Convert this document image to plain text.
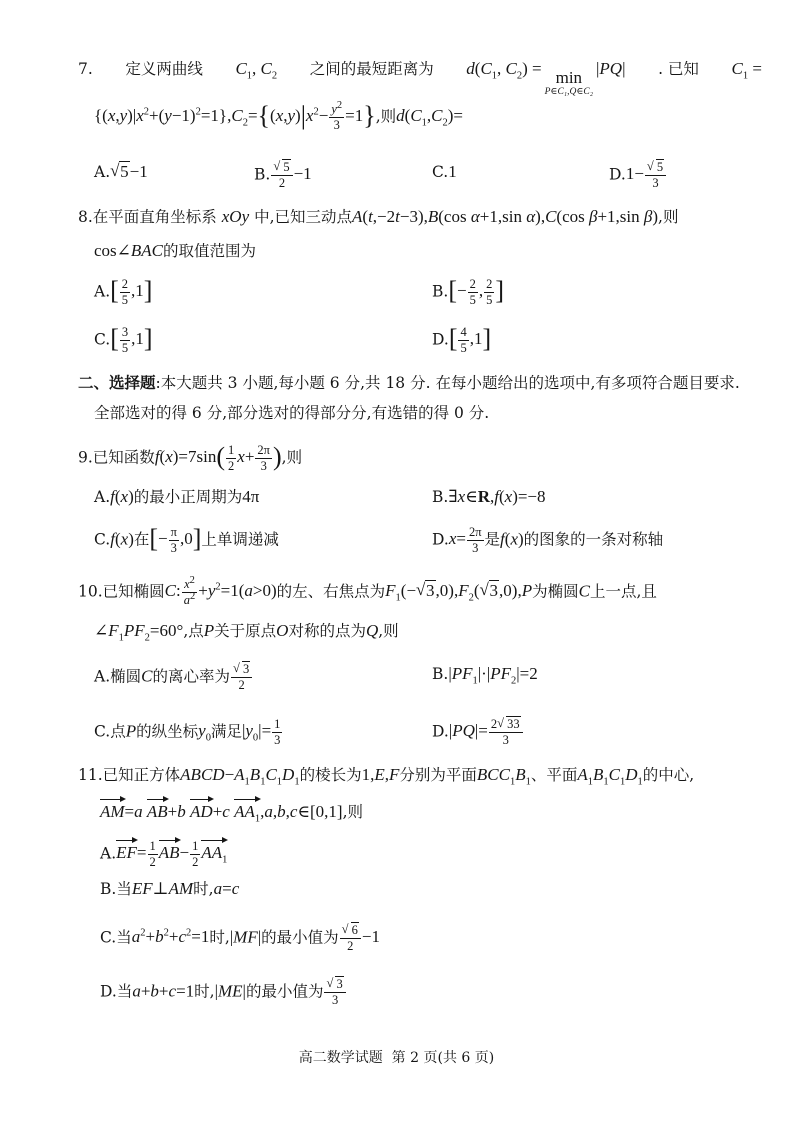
7. 定义两曲线 $C_1$, $C_2$ 之间的最短距离为 $d(C_1$, $C_2) = \min$
P∈C₁,Q∈C₂
|PQ| . 已知 $C_1$ =
$\{(x,y)|x^2+(y-1)^2=1\},C_2=\{(x,y)|x^2- \frac{y^2}{3} =1\}$,则$d(C_1,C_2)=$
A.√ 5−1	B.
√ $\frac{5}{2} -1$	C.1	D.1−
√ $\frac{5}{3}$
8.在平面直角坐标系 xOy 中,已知三动点A(t,−2t−3),B(cos α+1,sin α),C(cos β+1,sin β),则
cos∠BAC的取值范围为
$A.[ \frac{2}{5} ,1]$	$B.[- \frac{2}{5}$ , $\frac{2}{5}$ ]
$C.[ \frac{3}{5} ,1]$	$D.[ \frac{4}{5} ,1]$
二、选择题:本大题共 3 小题,每小题 6 分,共 18 分. 在每小题给出的选项中,有多项符合题目要求.
全部选对的得 6 分,部分选对的得部分分,有选错的得 0 分.
9.已知函数$f(x)=7\sin( \frac{1}{2} x+ \frac{2\pi}{3}$ ),则
A.f(x)的最小正周期为4π	B.∃x∈R,f(x)=−8
C.f(x)在[− $\frac{\pi}{3} ,0$]上单调递减	$D.x= \frac{2\pi}{3}$ 是f(x)的图象的一条对称轴
10.已知椭圆C: $\frac{x^2}{a^2} +y^2=1(a>0)$的左、右焦点为$F_1(-√$ $3,0),F_2(√$ 3,0),P为椭圆C上一点,且
$\angle F_1PF_2=60^\circ$,点P关于原点O对称的点为Q,则
A.椭圆C的离心率为
√ $\frac{3}{2}$	$B.|PF_1|\cdot|PF_2|=2$
C.点P的纵坐标$y_0$满足$|y_0|= \frac{1}{3}$	$D.|PQ|= \frac{2√ 33}{3}$
11.已知正方体$ABCD-A_1B_1C_1D_1$的棱长为1,E,F分别为平面$BCC_1B_1$、平面$A_1B_1C_1D_1$的中心,
AM=a AB+b AD+c $AA_1,a,b,c\in[0,1]$,则
$A.EF= \frac{1}{2} AB- \frac{1}{2} AA_1$
B.当EF⊥AM时,a=c
C.当$a^2+b^2+c^2=1$时,|MF|的最小值为
√ $\frac{6}{2} -1$
D.当a+b+c=1时,|ME|的最小值为
√ $\frac{3}{3}$
高二数学试题 第 2 页(共 6 页)
